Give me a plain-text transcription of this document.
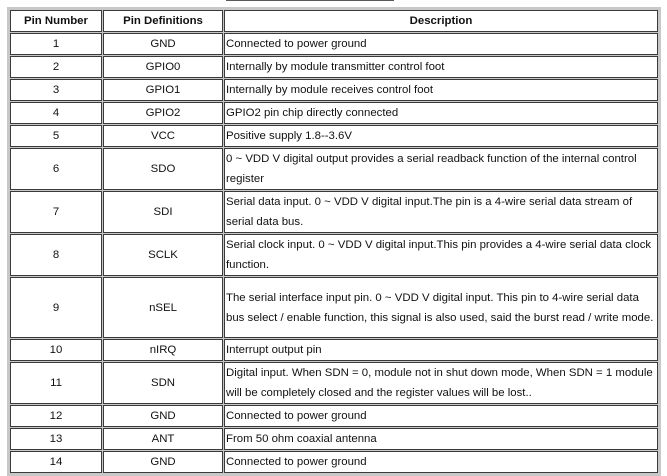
Pin Number	Pin Definitions	Description
1	GND	Connected to power ground
2	GPIO0	Internally by module transmitter control foot
3	GPIO1	Internally by module receives control foot
4	GPIO2	GPIO2 pin chip directly connected
5	VCC	Positive supply 1.8--3.6V
6	SDO	0 ~ VDD V digital output provides a serial readback function of the internal control register
7	SDI	Serial data input. 0 ~ VDD V digital input.The pin is a 4-wire serial data stream of serial data bus.
8	SCLK	Serial clock input. 0 ~ VDD V digital input.This pin provides a 4-wire serial data clock function.
9	nSEL	The serial interface input pin. 0 ~ VDD V digital input. This pin to 4-wire serial data bus select / enable function, this signal is also used, said the burst read / write mode.
10	nIRQ	Interrupt output pin
11	SDN	Digital input. When SDN = 0, module not in shut down mode, When SDN = 1 module will be completely closed and the register values will be lost..
12	GND	Connected to power ground
13	ANT	From 50 ohm coaxial antenna
14	GND	Connected to power ground
